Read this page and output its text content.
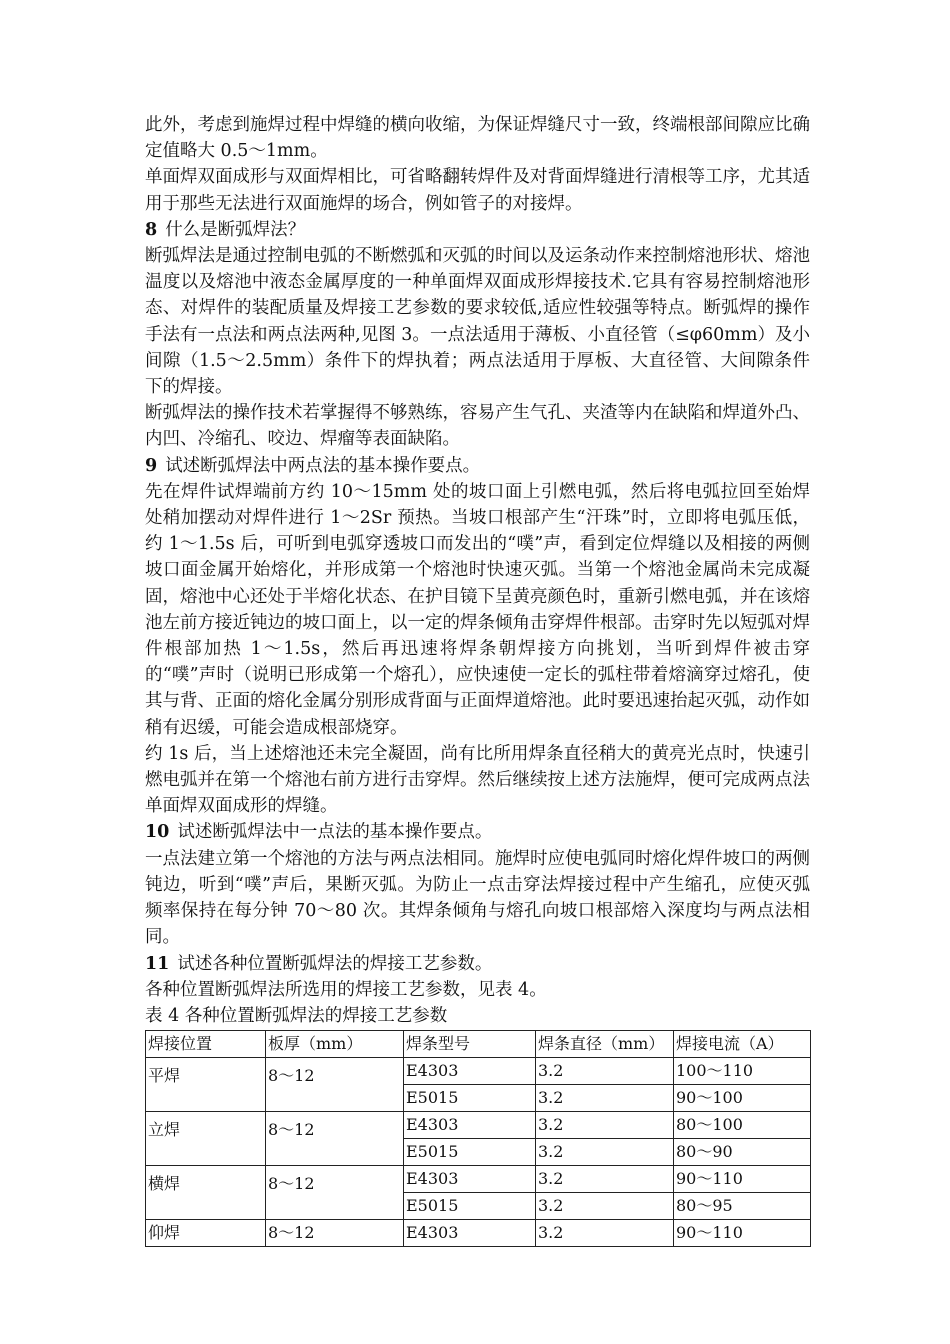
此外，考虑到施焊过程中焊缝的横向收缩，为保证焊缝尺寸一致，终端根部间隙应比确定值略大 0.5～1mm。

单面焊双面成形与双面焊相比，可省略翻转焊件及对背面焊缝进行清根等工序，尤其适用于那些无法进行双面施焊的场合，例如管子的对接焊。

8 什么是断弧焊法？

断弧焊法是通过控制电弧的不断燃弧和灭弧的时间以及运条动作来控制熔池形状、熔池温度以及熔池中液态金属厚度的一种单面焊双面成形焊接技术.它具有容易控制熔池形态、对焊件的装配质量及焊接工艺参数的要求较低,适应性较强等特点。断弧焊的操作手法有一点法和两点法两种,见图 3。一点法适用于薄板、小直径管（≤φ60mm）及小间隙（1.5～2.5mm）条件下的焊执着；两点法适用于厚板、大直径管、大间隙条件下的焊接。

断弧焊法的操作技术若掌握得不够熟练，容易产生气孔、夹渣等内在缺陷和焊道外凸、内凹、冷缩孔、咬边、焊瘤等表面缺陷。

9 试述断弧焊法中两点法的基本操作要点。

先在焊件试焊端前方约 10～15mm 处的坡口面上引燃电弧，然后将电弧拉回至始焊处稍加摆动对焊件进行 1～2Sr 预热。当坡口根部产生“汗珠”时，立即将电弧压低，约 1～1.5s 后，可听到电弧穿透坡口而发出的“噗”声，看到定位焊缝以及相接的两侧坡口面金属开始熔化，并形成第一个熔池时快速灭弧。当第一个熔池金属尚未完成凝固，熔池中心还处于半熔化状态、在护目镜下呈黄亮颜色时，重新引燃电弧，并在该熔池左前方接近钝边的坡口面上，以一定的焊条倾角击穿焊件根部。击穿时先以短弧对焊件根部加热 1～1.5s，然后再迅速将焊条朝焊接方向挑划，当听到焊件被击穿的“噗”声时（说明已形成第一个熔孔），应快速使一定长的弧柱带着熔滴穿过熔孔，使其与背、正面的熔化金属分别形成背面与正面焊道熔池。此时要迅速抬起灭弧，动作如稍有迟缓，可能会造成根部烧穿。

约 1s 后，当上述熔池还未完全凝固，尚有比所用焊条直径稍大的黄亮光点时，快速引燃电弧并在第一个熔池右前方进行击穿焊。然后继续按上述方法施焊，便可完成两点法单面焊双面成形的焊缝。

10 试述断弧焊法中一点法的基本操作要点。

一点法建立第一个熔池的方法与两点法相同。施焊时应使电弧同时熔化焊件坡口的两侧钝边，听到“噗”声后，果断灭弧。为防止一点击穿法焊接过程中产生缩孔，应使灭弧频率保持在每分钟 70～80 次。其焊条倾角与熔孔向坡口根部熔入深度均与两点法相同。

11 试述各种位置断弧焊法的焊接工艺参数。

各种位置断弧焊法所选用的焊接工艺参数，见表 4。

表 4 各种位置断弧焊法的焊接工艺参数

焊接位置	板厚（mm）	焊条型号	焊条直径（mm）	焊接电流（A）
平焊	8～12	E4303	3.2	100～110
		E5015	3.2	90～100
立焊	8～12	E4303	3.2	80～100
		E5015	3.2	80～90
横焊	8～12	E4303	3.2	90～110
		E5015	3.2	80～95
仰焊	8～12	E4303	3.2	90～110
